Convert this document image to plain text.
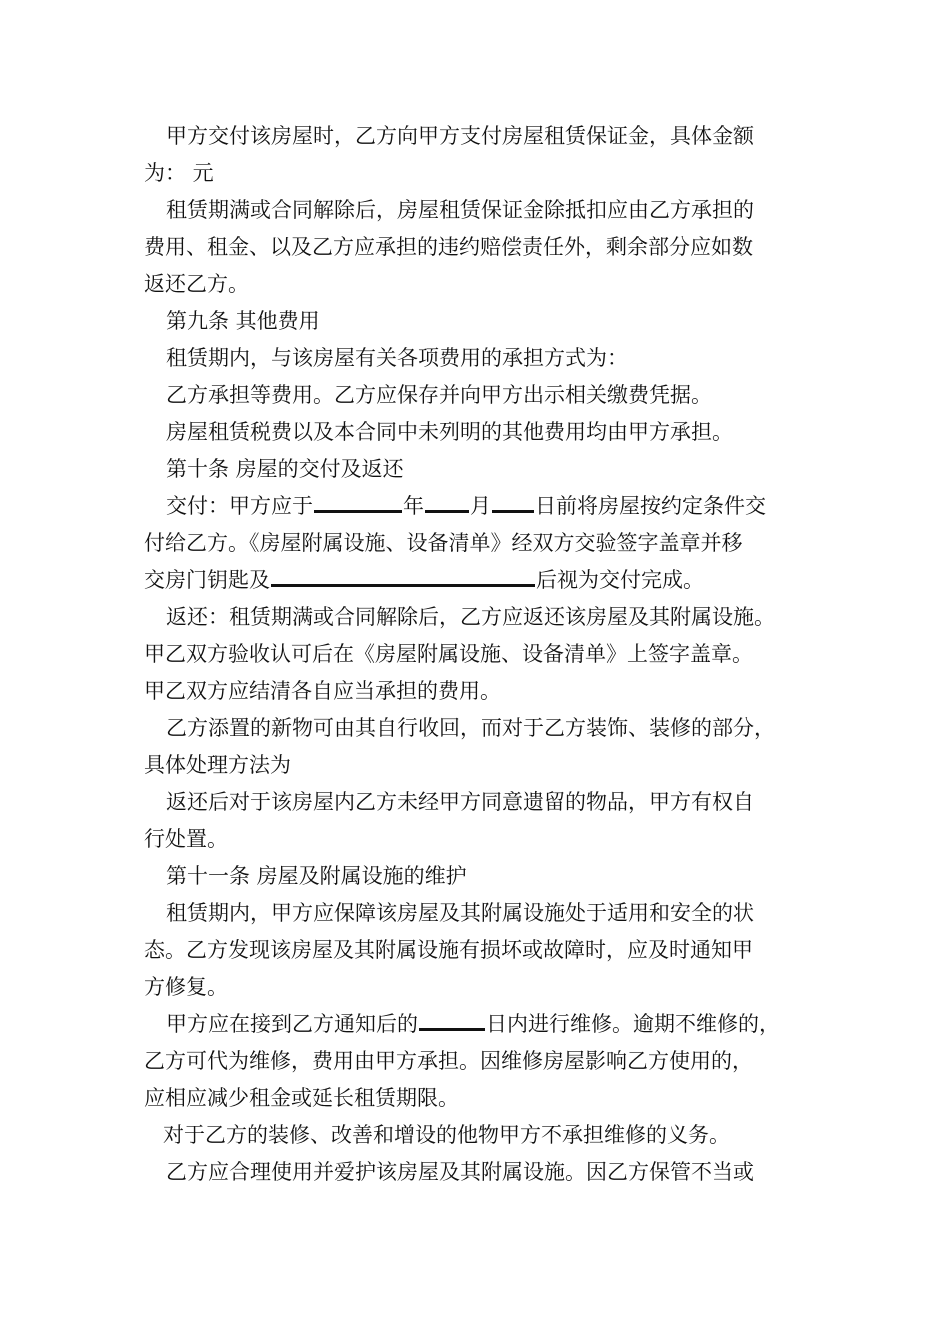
甲方交付该房屋时，乙方向甲方支付房屋租赁保证金，具体金额
为： 元
租赁期满或合同解除后，房屋租赁保证金除抵扣应由乙方承担的
费用、租金、以及乙方应承担的违约赔偿责任外，剩余部分应如数
返还乙方。
第九条 其他费用
租赁期内，与该房屋有关各项费用的承担方式为：
乙方承担等费用。乙方应保存并向甲方出示相关缴费凭据。
房屋租赁税费以及本合同中未列明的其他费用均由甲方承担。
第十条 房屋的交付及返还
交付：甲方应于	年 月 日前将房屋按约定条件交
付给乙方。《房屋附属设施、设备清单》经双方交验签字盖章并移
交房门钥匙及	后视为交付完成。
返还：租赁期满或合同解除后，乙方应返还该房屋及其附属设施。
甲乙双方验收认可后在《房屋附属设施、设备清单》上签字盖章。
甲乙双方应结清各自应当承担的费用。
乙方添置的新物可由其自行收回，而对于乙方装饰、装修的部分，
具体处理方法为
返还后对于该房屋内乙方未经甲方同意遗留的物品，甲方有权自
行处置。
第十一条 房屋及附属设施的维护
租赁期内，甲方应保障该房屋及其附属设施处于适用和安全的状
态。乙方发现该房屋及其附属设施有损坏或故障时，应及时通知甲
方修复。
甲方应在接到乙方通知后的	日内进行维修。逾期不维修的，
乙方可代为维修，费用由甲方承担。因维修房屋影响乙方使用的，
应相应减少租金或延长租赁期限。
对于乙方的装修、改善和增设的他物甲方不承担维修的义务。
乙方应合理使用并爱护该房屋及其附属设施。因乙方保管不当或
